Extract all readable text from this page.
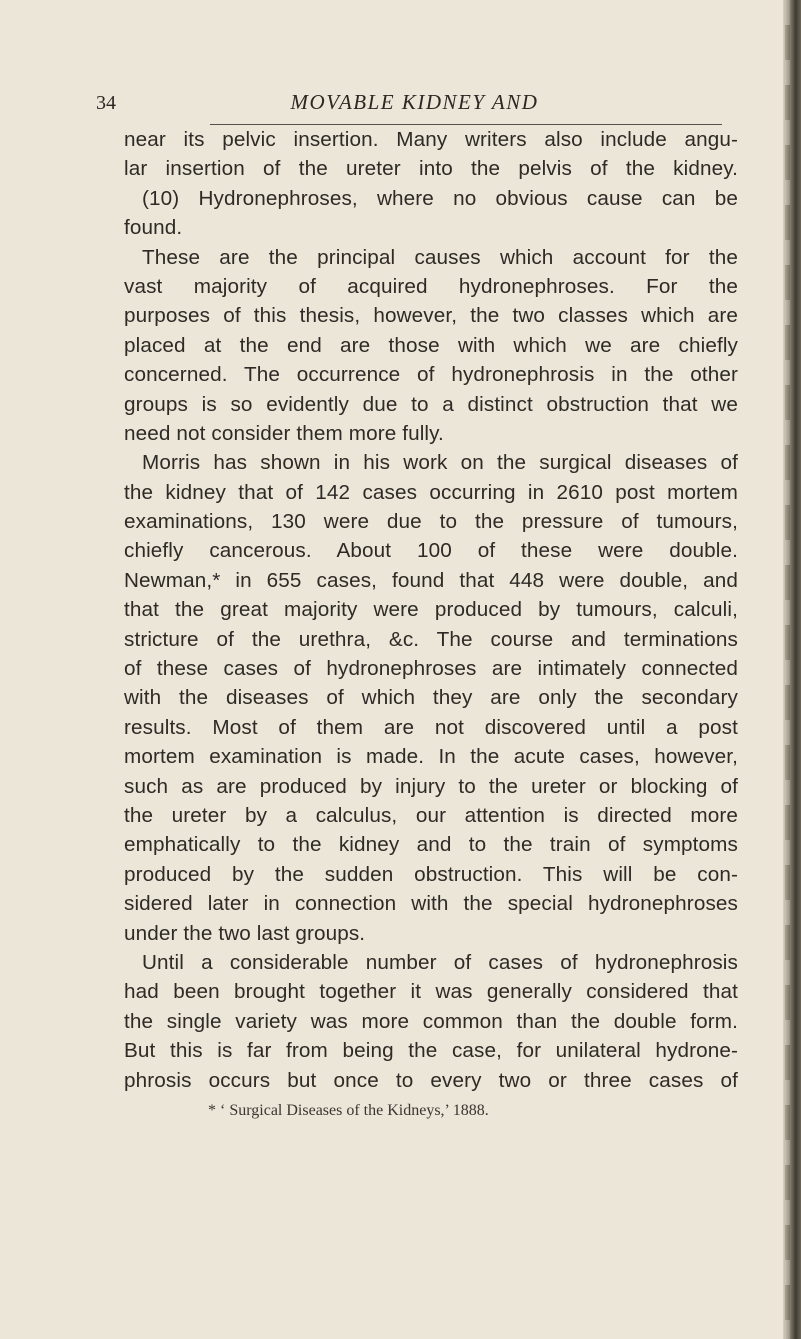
34	MOVABLE KIDNEY AND
near its pelvic insertion. Many writers also include angu-
lar insertion of the ureter into the pelvis of the kidney.
(10) Hydronephroses, where no obvious cause can be
found.
These are the principal causes which account for the
vast majority of acquired hydronephroses. For the
purposes of this thesis, however, the two classes which are
placed at the end are those with which we are chiefly
concerned. The occurrence of hydronephrosis in the other
groups is so evidently due to a distinct obstruction that we
need not consider them more fully.
Morris has shown in his work on the surgical diseases of
the kidney that of 142 cases occurring in 2610 post mortem
examinations, 130 were due to the pressure of tumours,
chiefly cancerous. About 100 of these were double.
Newman,* in 655 cases, found that 448 were double, and
that the great majority were produced by tumours, calculi,
stricture of the urethra, &c. The course and terminations
of these cases of hydronephroses are intimately connected
with the diseases of which they are only the secondary
results. Most of them are not discovered until a post
mortem examination is made. In the acute cases, however,
such as are produced by injury to the ureter or blocking of
the ureter by a calculus, our attention is directed more
emphatically to the kidney and to the train of symptoms
produced by the sudden obstruction. This will be con-
sidered later in connection with the special hydronephroses
under the two last groups.
Until a considerable number of cases of hydronephrosis
had been brought together it was generally considered that
the single variety was more common than the double form.
But this is far from being the case, for unilateral hydrone-
phrosis occurs but once to every two or three cases of
* ‘ Surgical Diseases of the Kidneys,’ 1888.
